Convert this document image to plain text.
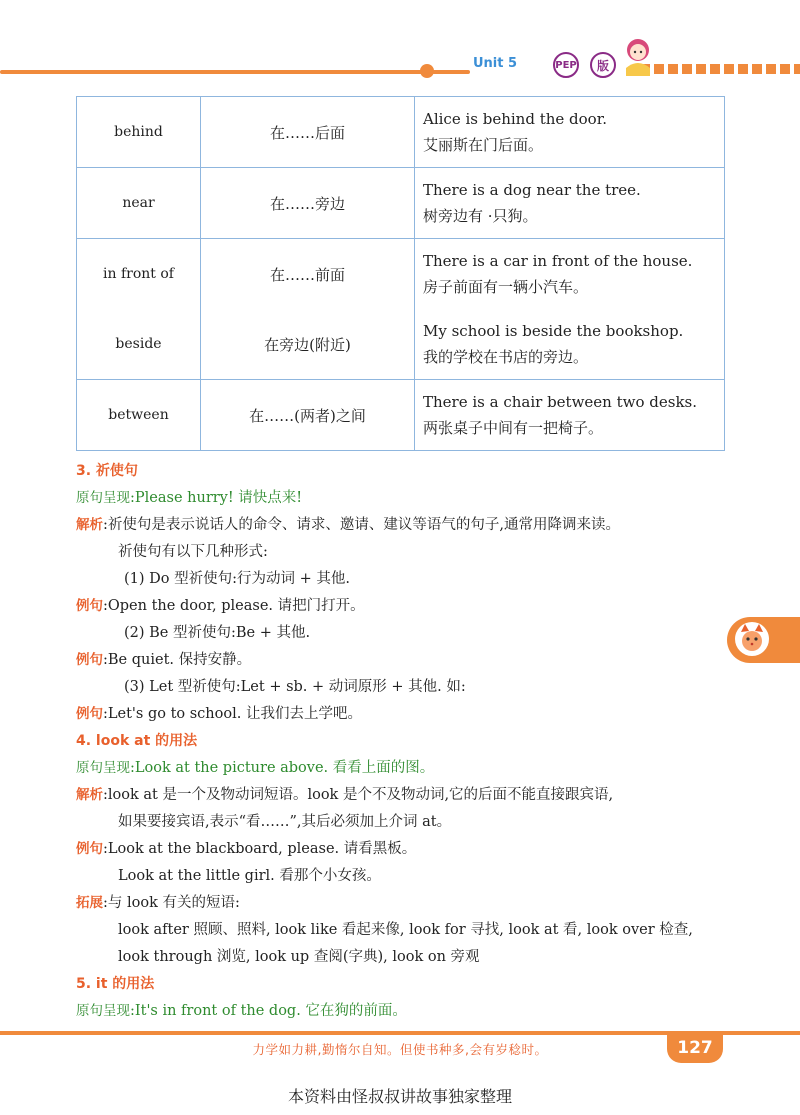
Unit 5	PEP	版
behind	在……后面	Alice is behind the door.
艾丽斯在门后面。

near	在……旁边	There is a dog near the tree.
树旁边有 ·只狗。

in front of	在……前面	There is a car in front of the house.
房子前面有一辆小汽车。

beside	在旁边(附近)	My school is beside the bookshop.
我的学校在书店的旁边。

between	在……(两者)之间	There is a chair between two desks.
两张桌子中间有一把椅子。
3. 祈使句
原句呈现:Please hurry! 请快点来!
解析:祈使句是表示说话人的命令、请求、邀请、建议等语气的句子,通常用降调来读。
祈使句有以下几种形式:
(1) Do 型祈使句:行为动词 + 其他.
例句:Open the door, please. 请把门打开。
(2) Be 型祈使句:Be + 其他.
例句:Be quiet. 保持安静。
(3) Let 型祈使句:Let + sb. + 动词原形 + 其他. 如:
例句:Let's go to school. 让我们去上学吧。
4. look at 的用法
原句呈现:Look at the picture above. 看看上面的图。
解析:look at 是一个及物动词短语。look 是个不及物动词,它的后面不能直接跟宾语,
如果要接宾语,表示“看……”,其后必须加上介词 at。
例句:Look at the blackboard, please. 请看黑板。
Look at the little girl. 看那个小女孩。
拓展:与 look 有关的短语:
look after 照顾、照料, look like 看起来像, look for 寻找, look at 看, look over 检查,
look through 浏览, look up 查阅(字典), look on 旁观
5. it 的用法
原句呈现:It's in front of the dog. 它在狗的前面。
力学如力耕,勤惰尔自知。但使书种多,会有岁稔时。	127
本资料由怪叔叔讲故事独家整理
